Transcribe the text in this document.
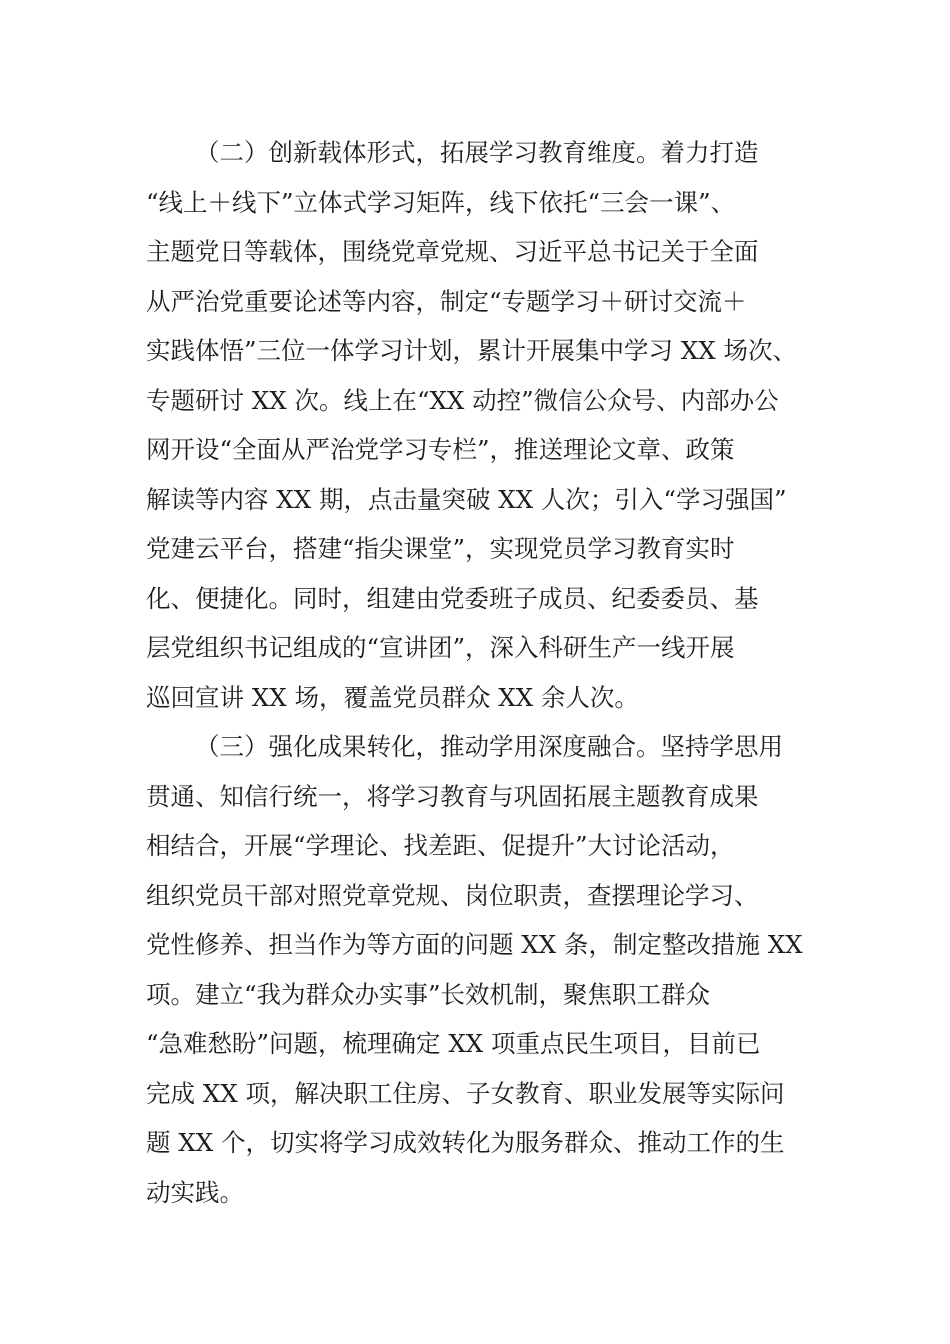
（二）创新载体形式，拓展学习教育维度。着力打造

“线上＋线下”立体式学习矩阵，线下依托“三会一课”、

主题党日等载体，围绕党章党规、习近平总书记关于全面

从严治党重要论述等内容，制定“专题学习＋研讨交流＋

实践体悟”三位一体学习计划，累计开展集中学习 XX 场次、

专题研讨 XX 次。线上在“XX 动控”微信公众号、内部办公

网开设“全面从严治党学习专栏”，推送理论文章、政策

解读等内容 XX 期，点击量突破 XX 人次；引入“学习强国”

党建云平台，搭建“指尖课堂”，实现党员学习教育实时

化、便捷化。同时，组建由党委班子成员、纪委委员、基

层党组织书记组成的“宣讲团”，深入科研生产一线开展

巡回宣讲 XX 场，覆盖党员群众 XX 余人次。

（三）强化成果转化，推动学用深度融合。坚持学思用

贯通、知信行统一，将学习教育与巩固拓展主题教育成果

相结合，开展“学理论、找差距、促提升”大讨论活动，

组织党员干部对照党章党规、岗位职责，查摆理论学习、

党性修养、担当作为等方面的问题 XX 条，制定整改措施 XX

项。建立“我为群众办实事”长效机制，聚焦职工群众

“急难愁盼”问题，梳理确定 XX 项重点民生项目，目前已

完成 XX 项，解决职工住房、子女教育、职业发展等实际问

题 XX 个，切实将学习成效转化为服务群众、推动工作的生

动实践。
